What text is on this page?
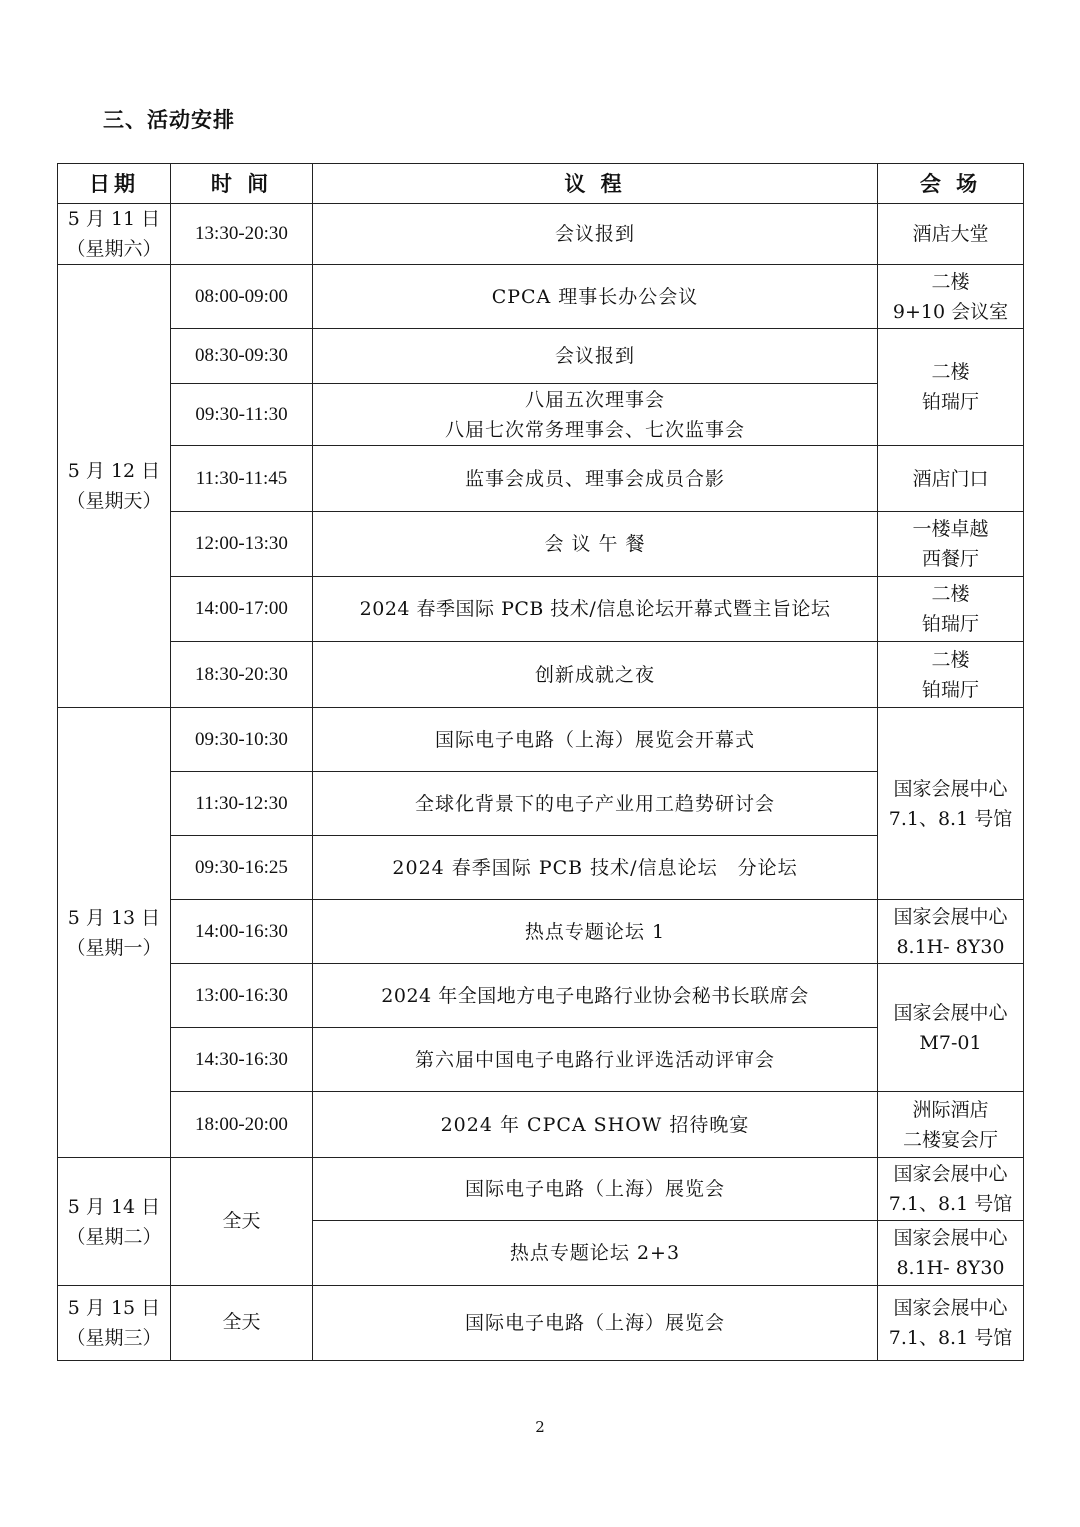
三、活动安排
日期	时 间	议 程	会 场

5 月 11 日
（星期六）	13:30-20:30	会议报到	酒店大堂

5 月 12 日
（星期天）	08:00-09:00	CPCA 理事长办公会议	二楼
9+10 会议室

	08:30-09:30	会议报到	二楼
铂瑞厅

	09:30-11:30	八届五次理事会
八届七次常务理事会、七次监事会	

	11:30-11:45	监事会成员、理事会成员合影	酒店门口

	12:00-13:30	会 议 午 餐	一楼卓越
西餐厅

	14:00-17:00	2024 春季国际 PCB 技术/信息论坛开幕式暨主旨论坛	二楼
铂瑞厅

	18:30-20:30	创新成就之夜	二楼
铂瑞厅

5 月 13 日
（星期一）	09:30-10:30	国际电子电路（上海）展览会开幕式	国家会展中心
7.1、8.1 号馆

	11:30-12:30	全球化背景下的电子产业用工趋势研讨会	
	09:30-16:25	2024 春季国际 PCB 技术/信息论坛　分论坛	
	14:00-16:30	热点专题论坛 1	国家会展中心
8.1H- 8Y30

	13:00-16:30	2024 年全国地方电子电路行业协会秘书长联席会	国家会展中心
M7-01

	14:30-16:30	第六届中国电子电路行业评选活动评审会	
	18:00-20:00	2024 年 CPCA SHOW 招待晚宴	洲际酒店
二楼宴会厅

5 月 14 日
（星期二）	全天	国际电子电路（上海）展览会	国家会展中心
7.1、8.1 号馆

		热点专题论坛 2+3	国家会展中心
8.1H- 8Y30

5 月 15 日
（星期三）	全天	国际电子电路（上海）展览会	国家会展中心
7.1、8.1 号馆
2
